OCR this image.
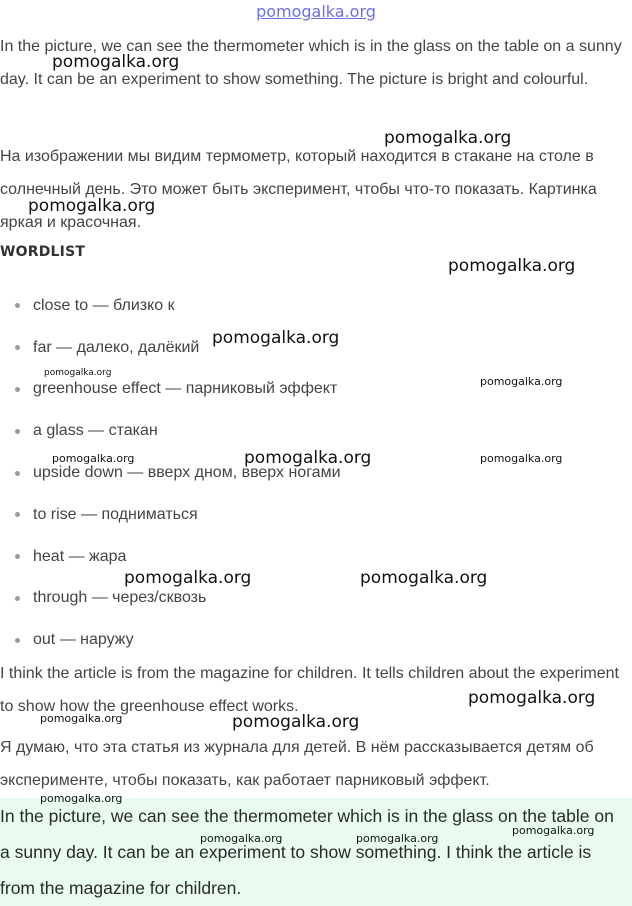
pomogalka.org
In the picture, we can see the thermometer which is in the glass on the table on a sunny day. It can be an experiment to show something. The picture is bright and colourful.
На изображении мы видим термометр, который находится в стакане на столе в солнечный день. Это может быть эксперимент, чтобы что-то показать. Картинка яркая и красочная.
WORDLIST
close to — близко к
far — далеко, далёкий
greenhouse effect — парниковый эффект
a glass — стакан
upside down — вверх дном, вверх ногами
to rise — подниматься
heat — жара
through — через/сквозь
out — наружу
I think the article is from the magazine for children. It tells children about the experiment to show how the greenhouse effect works.
Я думаю, что эта статья из журнала для детей. В нём рассказывается детям об эксперименте, чтобы показать, как работает парниковый эффект.
In the picture, we can see the thermometer which is in the glass on the table on a sunny day. It can be an experiment to show something. I think the article is from the magazine for children.
pomogalka.org
pomogalka.org
pomogalka.org
pomogalka.org
pomogalka.org
pomogalka.org
pomogalka.org
pomogalka.org	pomogalka.org	pomogalka.org
pomogalka.org	pomogalka.org
pomogalka.org
pomogalka.org	pomogalka.org
pomogalka.org
pomogalka.org
pomogalka.org	pomogalka.org
